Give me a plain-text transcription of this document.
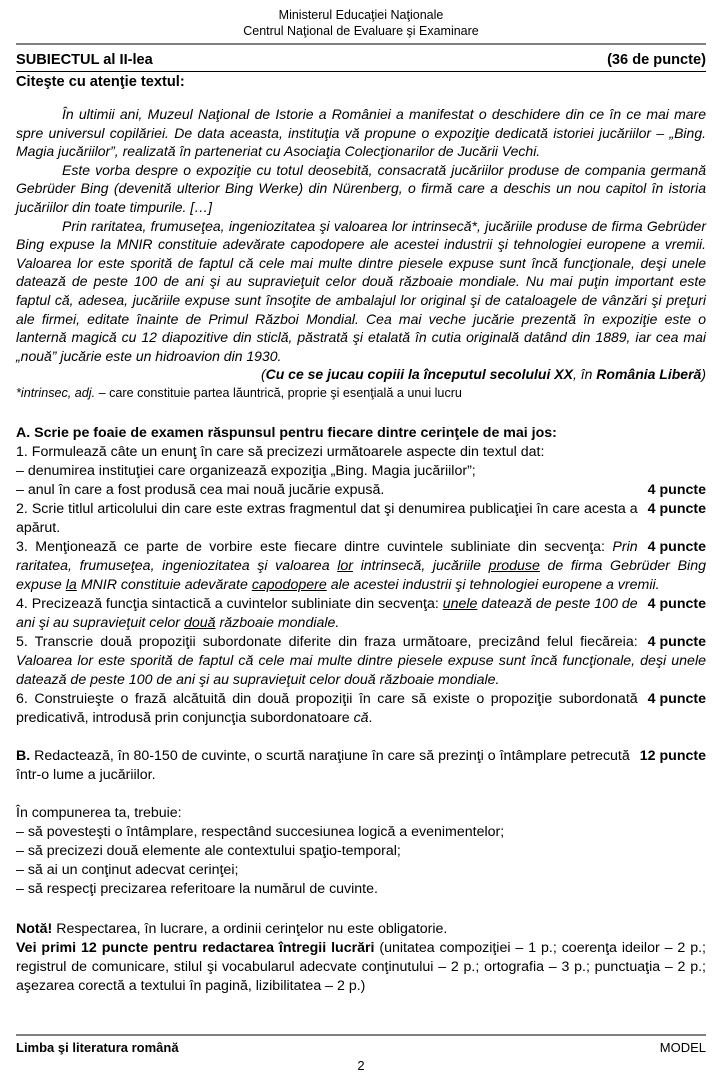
Ministerul Educaţiei Naţionale
Centrul Naţional de Evaluare şi Examinare
SUBIECTUL al II-lea	(36 de puncte)
Citeşte cu atenţie textul:

În ultimii ani, Muzeul Naţional de Istorie a României a manifestat o deschidere din ce în ce mai mare spre universul copilăriei. De data aceasta, instituţia vă propune o expoziţie dedicată istoriei jucăriilor – „Bing. Magia jucăriilor”, realizată în parteneriat cu Asociaţia Colecţionarilor de Jucării Vechi.

Este vorba despre o expoziţie cu totul deosebită, consacrată jucăriilor produse de compania germană Gebrüder Bing (devenită ulterior Bing Werke) din Nürenberg, o firmă care a deschis un nou capitol în istoria jucăriilor din toate timpurile. […]

Prin raritatea, frumuseţea, ingeniozitatea şi valoarea lor intrinsecă*, jucăriile produse de firma Gebrüder Bing expuse la MNIR constituie adevărate capodopere ale acestei industrii şi tehnologiei europene a vremii. Valoarea lor este sporită de faptul că cele mai multe dintre piesele expuse sunt încă funcţionale, deşi unele datează de peste 100 de ani şi au supravieţuit celor două războaie mondiale. Nu mai puţin important este faptul că, adesea, jucăriile expuse sunt însoţite de ambalajul lor original şi de cataloagele de vânzări şi preţuri ale firmei, editate înainte de Primul Război Mondial. Cea mai veche jucărie prezentă în expoziţie este o lanternă magică cu 12 diapozitive din sticlă, păstrată şi etalată în cutia originală datând din 1889, iar cea mai „nouă” jucărie este un hidroavion din 1930.

(Cu ce se jucau copiii la începutul secolului XX, în România Liberă)

*intrinsec, adj. – care constituie partea lăuntrică, proprie şi esenţială a unui lucru
A. Scrie pe foaie de examen răspunsul pentru fiecare dintre cerinţele de mai jos:
1. Formulează câte un enunţ în care să precizezi următoarele aspecte din textul dat:
– denumirea instituţiei care organizează expoziţia „Bing. Magia jucăriilor”;
4 puncte
– anul în care a fost produsă cea mai nouă jucărie expusă.
4 puncte
2. Scrie titlul articolului din care este extras fragmentul dat şi denumirea publicaţiei în care acesta a apărut.
4 puncte
3. Menţionează ce parte de vorbire este fiecare dintre cuvintele subliniate din secvenţa: Prin raritatea, frumuseţea, ingeniozitatea şi valoarea lor intrinsecă, jucăriile produse de firma Gebrüder Bing expuse la MNIR constituie adevărate capodopere ale acestei industrii şi tehnologiei europene a vremii.
4 puncte
4. Precizează funcţia sintactică a cuvintelor subliniate din secvenţa: unele datează de peste 100 de ani şi au supravieţuit celor două războaie mondiale.
4 puncte
5. Transcrie două propoziţii subordonate diferite din fraza următoare, precizând felul fiecăreia: Valoarea lor este sporită de faptul că cele mai multe dintre piesele expuse sunt încă funcţionale, deşi unele datează de peste 100 de ani şi au supravieţuit celor două războaie mondiale.
4 puncte
6. Construieşte o frază alcătuită din două propoziţii în care să existe o propoziţie subordonată predicativă, introdusă prin conjuncţia subordonatoare că.
12 puncte
B. Redactează, în 80-150 de cuvinte, o scurtă naraţiune în care să prezinţi o întâmplare petrecută într-o lume a jucăriilor.
În compunerea ta, trebuie:
– să povesteşti o întâmplare, respectând succesiunea logică a evenimentelor;
– să precizezi două elemente ale contextului spaţio-temporal;
– să ai un conţinut adecvat cerinţei;
– să respecţi precizarea referitoare la numărul de cuvinte.
Notă! Respectarea, în lucrare, a ordinii cerinţelor nu este obligatorie.
Vei primi 12 puncte pentru redactarea întregii lucrări (unitatea compoziţiei – 1 p.; coerenţa ideilor – 2 p.; registrul de comunicare, stilul şi vocabularul adecvate conţinutului – 2 p.; ortografia – 3 p.; punctuaţia – 2 p.; aşezarea corectă a textului în pagină, lizibilitatea – 2 p.)
Limba şi literatura română	MODEL
2
